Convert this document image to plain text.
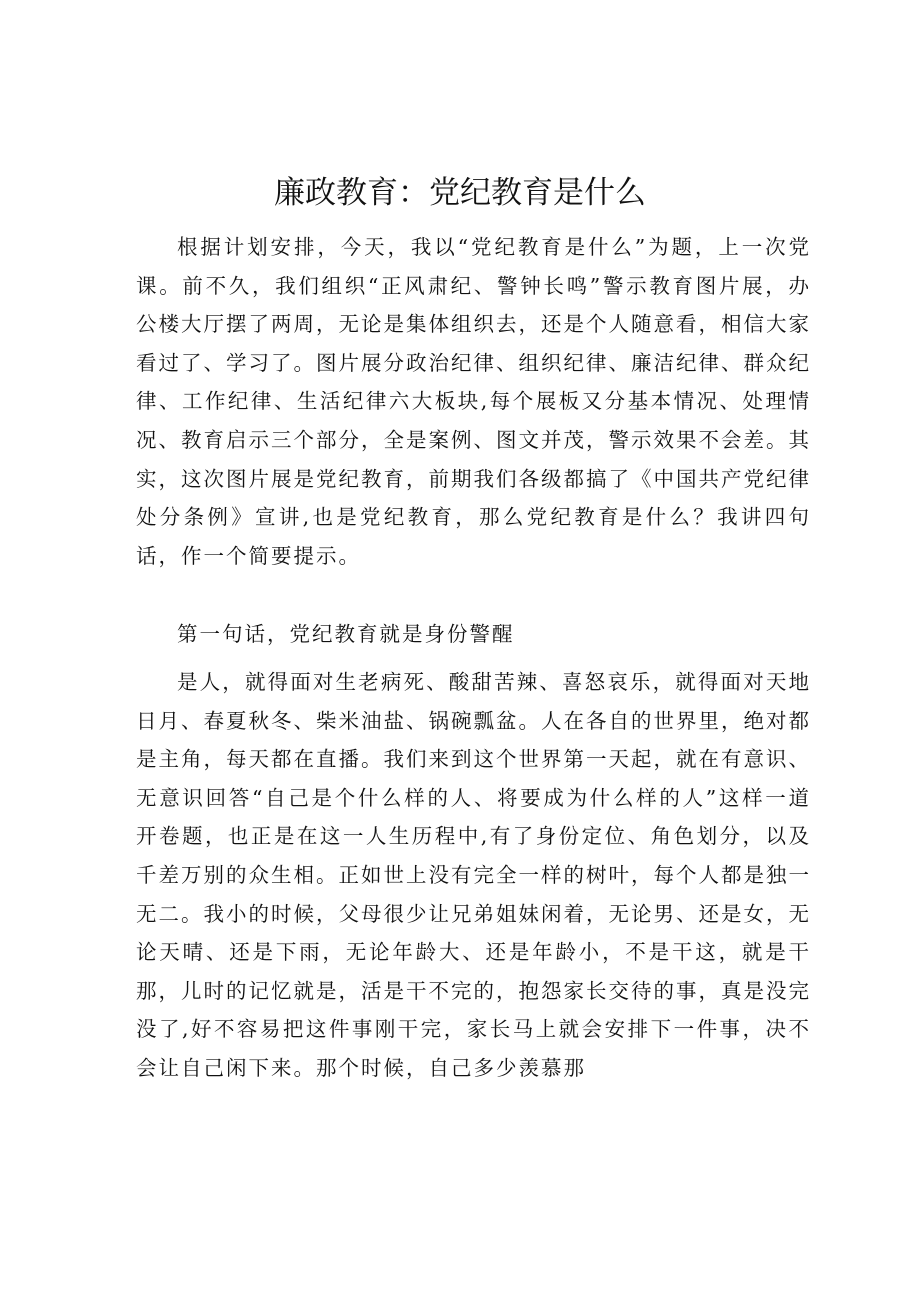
廉政教育：党纪教育是什么

根据计划安排，今天，我以“党纪教育是什么”为题，上一次党课。前不久，我们组织“正风肃纪、警钟长鸣”警示教育图片展，办公楼大厅摆了两周，无论是集体组织去，还是个人随意看，相信大家看过了、学习了。图片展分政治纪律、组织纪律、廉洁纪律、群众纪律、工作纪律、生活纪律六大板块,每个展板又分基本情况、处理情况、教育启示三个部分，全是案例、图文并茂，警示效果不会差。其实，这次图片展是党纪教育，前期我们各级都搞了《中国共产党纪律处分条例》宣讲,也是党纪教育，那么党纪教育是什么？我讲四句话，作一个简要提示。

第一句话，党纪教育就是身份警醒

是人，就得面对生老病死、酸甜苦辣、喜怒哀乐，就得面对天地日月、春夏秋冬、柴米油盐、锅碗瓢盆。人在各自的世界里，绝对都是主角，每天都在直播。我们来到这个世界第一天起，就在有意识、无意识回答“自己是个什么样的人、将要成为什么样的人”这样一道开卷题，也正是在这一人生历程中,有了身份定位、角色划分，以及千差万别的众生相。正如世上没有完全一样的树叶，每个人都是独一无二。我小的时候，父母很少让兄弟姐妹闲着，无论男、还是女，无论天晴、还是下雨，无论年龄大、还是年龄小，不是干这，就是干那，儿时的记忆就是，活是干不完的，抱怨家长交待的事，真是没完没了,好不容易把这件事刚干完，家长马上就会安排下一件事，决不会让自己闲下来。那个时候，自己多少羡慕那
